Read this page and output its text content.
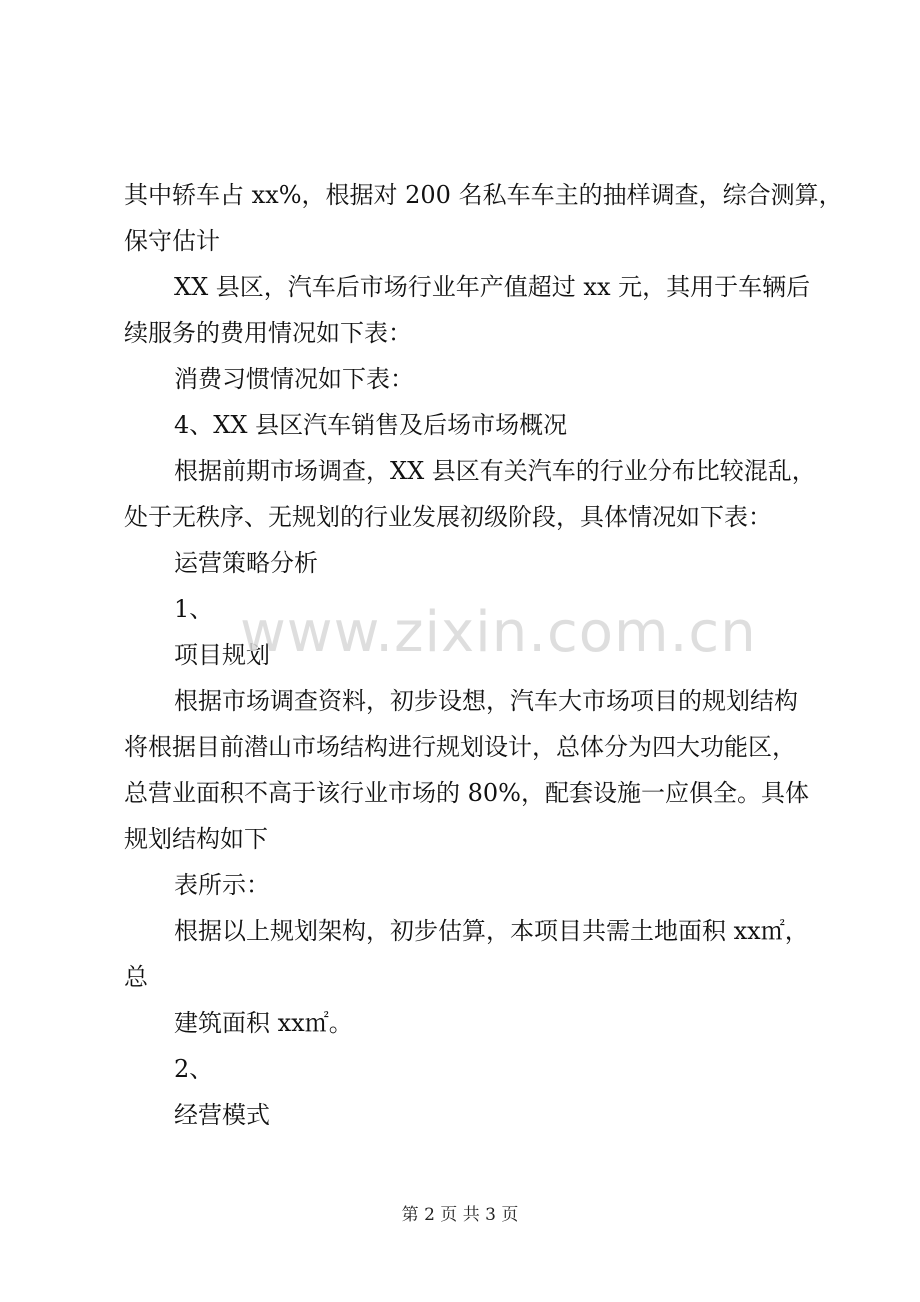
其中轿车占 xx%，根据对 200 名私车车主的抽样调查，综合测算，
保守估计

XX 县区，汽车后市场行业年产值超过 xx 元，其用于车辆后
续服务的费用情况如下表：

消费习惯情况如下表：

4、XX 县区汽车销售及后场市场概况

根据前期市场调查，XX 县区有关汽车的行业分布比较混乱，
处于无秩序、无规划的行业发展初级阶段，具体情况如下表：

运营策略分析

1、

项目规划

根据市场调查资料，初步设想，汽车大市场项目的规划结构
将根据目前潜山市场结构进行规划设计，总体分为四大功能区，
总营业面积不高于该行业市场的 80%，配套设施一应俱全。具体
规划结构如下

表所示：

根据以上规划架构，初步估算，本项目共需土地面积 xx㎡，
总

建筑面积 xx㎡。

2、

经营模式

www.zixin.com.cn
第 2 页 共 3 页
